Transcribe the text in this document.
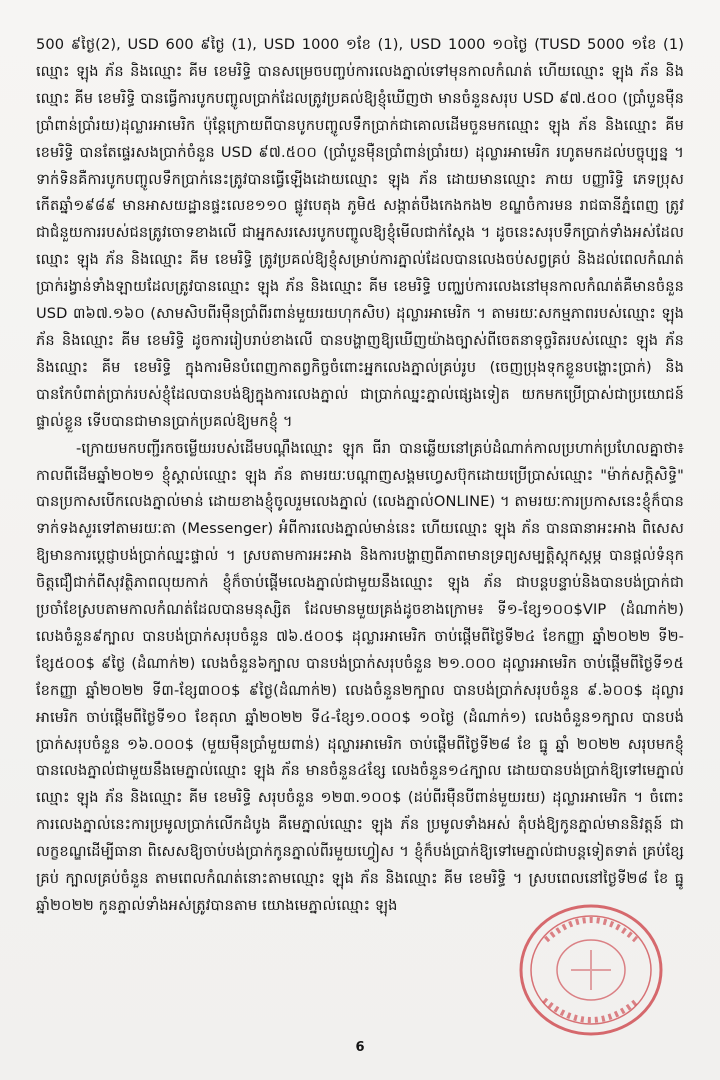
500 ៩ថ្ងៃ(2), USD 600 ៩ថ្ងៃ (1), USD 1000 ១ខែ (1), USD 1000 ១០ថ្ងៃ (TUSD 5000 ១ខែ (1) ឈ្មោះ ឡុង ភ័ន និងឈ្មោះ គីម ខេមរិទ្ធិ បានសម្រេចបញ្ចប់ការលេងភ្នាល់ទៅមុនកាលកំណត់ ហើយឈ្មោះ ឡុង ភ័ន និងឈ្មោះ គីម ខេមរិទ្ធិ បានធ្វើការបូកបញ្ចូលប្រាក់ដែលត្រូវប្រគល់ឱ្យខ្ញុំឃើញថា មានចំនួនសរុប USD ៩៧.៥០០ (ប្រាំបួនម៉ឺនប្រាំពាន់ប្រាំរយ)ដុល្លារអាមេរិក ប៉ុន្តែក្រោយពីបានបូកបញ្ចូលទឹកប្រាក់ជាគោលដើមចួនមកឈ្មោះ ឡុង ភ័ន និងឈ្មោះ គីម ខេមរិទ្ធិ បានតែផ្ទេរសងប្រាក់ចំនួន USD ៩៧.៥០០ (ប្រាំបួនម៉ឺនប្រាំពាន់ប្រាំរយ) ដុល្លារអាមេរិក រហូតមកដល់បច្ចុប្បន្ន ។ ទាក់ទិនគឺការបូកបញ្ចូលទឹកប្រាក់នេះត្រូវបានធ្វើឡើងដោយឈ្មោះ ឡុង ភ័ន ដោយមានឈ្មោះ ភាយ បញ្ញារិទ្ធិ ភេទប្រុស កើតឆ្នាំ១៩៨៩ មានអាសយដ្ឋានផ្ទះលេខ១១០ ផ្លូវបេតុង ភូមិ៥ សង្កាត់បឹងកេងកង២ ខណ្ឌចំការមន រាជធានីភ្នំពេញ ត្រូវជាជំនួយការរបស់ជនត្រូវចោទខាងលើ ជាអ្នកសរសេរបូកបញ្ចូលឱ្យខ្ញុំមើលជាក់ស្តែង ។ ដូចនេះសរុបទឹកប្រាក់ទាំងអស់ដែលឈ្មោះ ឡុង ភ័ន និងឈ្មោះ គីម ខេមរិទ្ធិ ត្រូវប្រគល់ឱ្យខ្ញុំសម្រាប់ការភ្នាល់ដែលបានលេងចប់សព្វគ្រប់ និងដល់ពេលកំណត់ប្រាក់រង្វាន់ទាំងឡាយដែលត្រូវបានឈ្មោះ ឡុង ភ័ន និងឈ្មោះ គីម ខេមរិទ្ធិ បញ្ឈប់ការលេងនៅមុនកាលកំណត់គឺមានចំនួន USD ៣៦៧.១៦០ (សាមសិបពីរម៉ឺនប្រាំពីរពាន់មួយរយហុកសិប) ដុល្លារអាមេរិក ។ តាមរយៈសកម្មភាពរបស់ឈ្មោះ ឡុង ភ័ន និងឈ្មោះ គីម ខេមរិទ្ធិ ដូចការរៀបរាប់ខាងលើ បានបង្ហាញឱ្យឃើញយ៉ាងច្បាស់ពីចេតនាទុច្ចរិតរបស់ឈ្មោះ ឡុង ភ័ន និងឈ្មោះ គីម ខេមរិទ្ធិ ក្នុងការមិនបំពេញកាតព្វកិច្ចចំពោះអ្នកលេងភ្នាល់គ្រប់រូប (ចេញប្រុងទុកខ្លួនបង្ហោះប្រាក់) និងបានកែបំពាត់ប្រាក់របស់ខ្ញុំដែលបានបង់ឱ្យក្នុងការលេងភ្នាល់ ជាប្រាក់ឈ្នះភ្នាល់ផ្សេងទៀត យកមកប្រើប្រាស់ជាប្រយោជន៍ផ្ទាល់ខ្លួន ទើបបានជាមានប្រាក់ប្រគល់ឱ្យមកខ្ញុំ ។

-ក្រោយមកបញ្ជីរកចម្លើយរបស់ដើមបណ្តឹងឈ្មោះ ឡុក ធីរា បានឆ្លើយនៅគ្រប់ដំណាក់កាលប្រហាក់ប្រហែលគ្នាថា៖ កាលពីដើមឆ្នាំ២០២១ ខ្ញុំស្គាល់ឈ្មោះ ឡុង ភ័ន តាមរយៈបណ្តាញសង្គមហ្វេសប៊ុកដោយប្រើប្រាស់ឈ្មោះ "ម៉ាក់សក្តិសិទ្ធិ" បានប្រកាសបើកលេងភ្នាល់មាន់ ដោយខាងខ្ញុំចូលរួមលេងភ្នាល់ (លេងភ្នាល់ONLINE) ។ តាមរយៈការប្រកាសនេះខ្ញុំក៏បានទាក់ទងសួរទៅតាមរយៈតា (Messenger) អំពីការលេងភ្នាល់មាន់នេះ ហើយឈ្មោះ ឡុង ភ័ន បានធានាអះអាង ពិសេសឱ្យមានការប្តេជ្ញាបង់ប្រាក់ឈ្នះផ្ទាល់ ។ ស្របតាមការអះអាង និងការបង្ហាញពីភាពមានទ្រព្យសម្បត្តិស្តុកស្តម្ភ បានផ្តល់ទំនុកចិត្តជឿជាក់ពីសុវត្ថិភាពលុយកាក់ ខ្ញុំក៏ចាប់ផ្តើមលេងភ្នាល់ជាមួយនឹងឈ្មោះ ឡុង ភ័ន ជាបន្តបន្ទាប់និងបានបង់ប្រាក់ជាប្រចាំខែស្របតាមកាលកំណត់ដែលបានមនុស្សិត ដែលមានមួយគ្រង់ដូចខាងក្រោម៖ ទី១-ខ្សែ១០០$VIP (ដំណាក់២) លេងចំនួន៩ក្បាល បានបង់ប្រាក់សរុបចំនួន ៧៦.៥០០$ ដុល្លារអាមេរិក ចាប់ផ្តើមពីថ្ងៃទី២៤ ខែកញ្ញា ឆ្នាំ២០២២ ទី២-ខ្សែ៥០០$ ៩ថ្ងៃ (ដំណាក់២) លេងចំនួន៦ក្បាល បានបង់ប្រាក់សរុបចំនួន ២១.០០០ ដុល្លារអាមេរិក ចាប់ផ្តើមពីថ្ងៃទី១៥ ខែកញ្ញា ឆ្នាំ២០២២ ទី៣-ខ្សែ៣០០$ ៩ថ្ងៃ(ដំណាក់២) លេងចំនួន២ក្បាល បានបង់ប្រាក់សរុបចំនួន ៩.៦០០$ ដុល្លារអាមេរិក ចាប់ផ្តើមពីថ្ងៃទី១០ ខែតុលា ឆ្នាំ២០២២ ទី៤-ខ្សែ១.០០០$ ១០ថ្ងៃ (ដំណាក់១) លេងចំនួន១ក្បាល បានបង់ប្រាក់សរុបចំនួន ១៦.០០០$ (មួយម៉ឺនប្រាំមួយពាន់) ដុល្លារអាមេរិក ចាប់ផ្តើមពីថ្ងៃទី២៨ ខែ ធ្នូ ឆ្នាំ ២០២២ សរុបមកខ្ញុំបានលេងភ្នាល់ជាមួយនឹងមេភ្នាល់ឈ្មោះ ឡុង ភ័ន មានចំនួន៤ខ្សែ លេងចំនួន១៤ក្បាល ដោយបានបង់ប្រាក់ឱ្យទៅមេភ្នាល់ឈ្មោះ ឡុង ភ័ន និងឈ្មោះ គីម ខេមរិទ្ធិ សរុបចំនួន ១២៣.១០០$ (ដប់ពីរម៉ឺនបីពាន់មួយរយ) ដុល្លារអាមេរិក ។ ចំពោះការលេងភ្នាល់នេះការប្រមូលប្រាក់លើកដំបូង គឺមេភ្នាល់ឈ្មោះ ឡុង ភ័ន ប្រមូលទាំងអស់ តុំបង់ឱ្យកូនភ្នាល់មាននិវត្តន៍ ជាលក្ខខណ្ឌដើម្បីធានា ពិសេសឱ្យចាប់បង់ប្រាក់កូនភ្នាល់ពីរមួយហ្វៀស ។ ខ្ញុំក៏បង់ប្រាក់ឱ្យទៅមេភ្នាល់ជាបន្តទៀតទាត់ គ្រប់ខ្សែគ្រប់ ក្បាលគ្រប់ចំនួន តាមពេលកំណត់នោះតាមឈ្មោះ ឡុង ភ័ន និងឈ្មោះ គីម ខេមរិទ្ធិ ។ ស្របពេលនៅថ្ងៃទី២៨ ខែ ធ្នូ ឆ្នាំ២០២២ កូនភ្នាល់ទាំងអស់ត្រូវបានតាម យោងមេភ្នាល់ឈ្មោះ ឡុង

6
